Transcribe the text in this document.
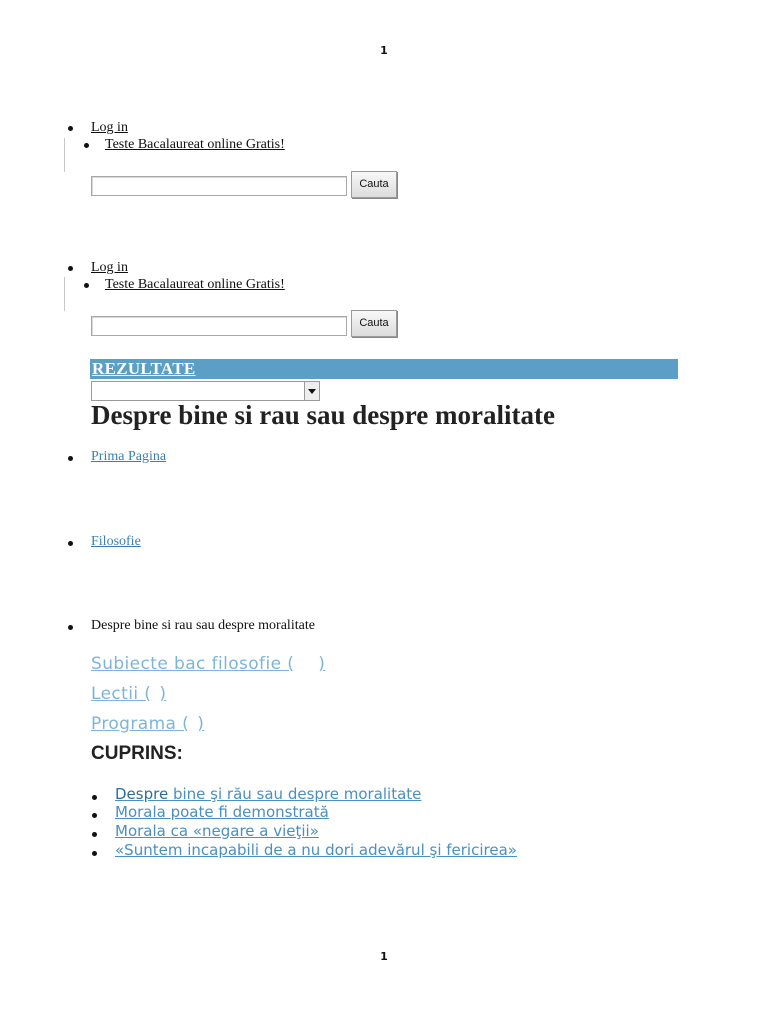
1
Log in
Teste Bacalaureat online Gratis!
Cauta
Log in
Teste Bacalaureat online Gratis!
Cauta
REZULTATE
Despre bine si rau sau despre moralitate
Prima Pagina
Filosofie
Despre bine si rau sau despre moralitate
Subiecte bac filosofie ( )
Lectii ( )
Programa ( )
CUPRINS:
Despre bine şi rău sau despre moralitate
Morala poate fi demonstrată
Morala ca «negare a vieţii»
«Suntem incapabili de a nu dori adevărul şi fericirea»
1
